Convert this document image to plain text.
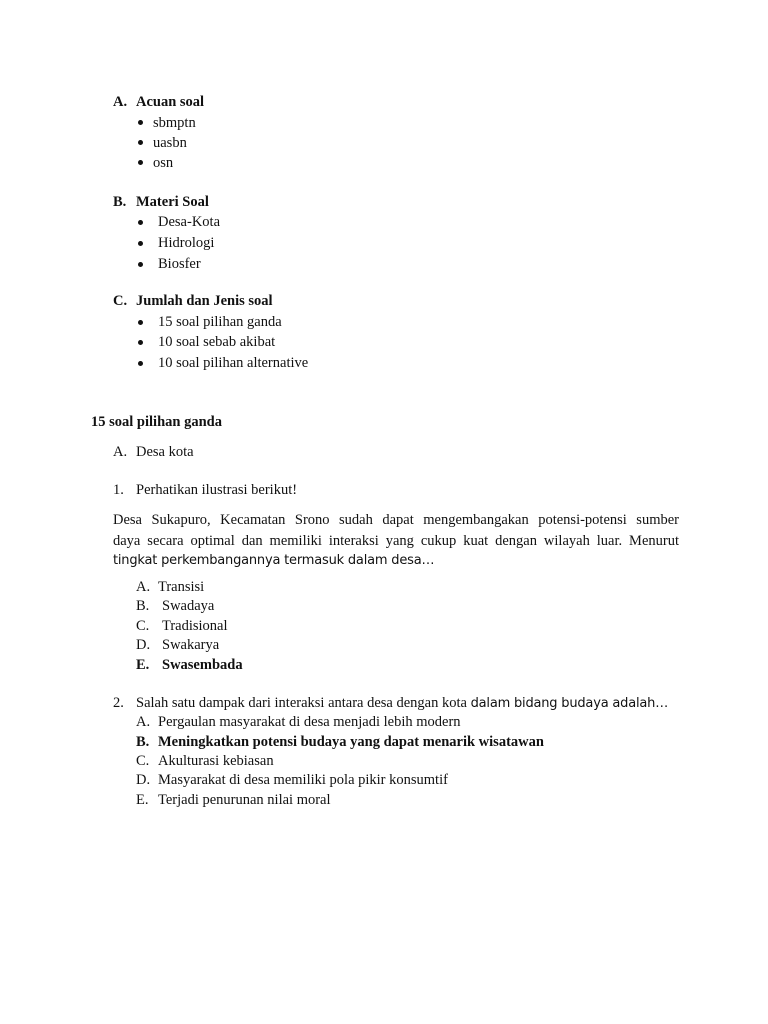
A. Acuan soal
sbmptn
uasbn
osn
B. Materi Soal
Desa-Kota
Hidrologi
Biosfer
C. Jumlah dan Jenis soal
15 soal pilihan ganda
10 soal sebab akibat
10 soal pilihan alternative
15 soal pilihan ganda
A. Desa kota
1. Perhatikan ilustrasi berikut!
Desa Sukapuro, Kecamatan Srono sudah dapat mengembangakan potensi-potensi sumber
daya secara optimal dan memiliki interaksi yang cukup kuat dengan wilayah luar. Menurut
tingkat perkembangannya termasuk dalam desa…
A. Transisi
B. Swadaya
C. Tradisional
D. Swakarya
E. Swasembada
2. Salah satu dampak dari interaksi antara desa dengan kota dalam bidang budaya adalah…
A. Pergaulan masyarakat di desa menjadi lebih modern
B. Meningkatkan potensi budaya yang dapat menarik wisatawan
C. Akulturasi kebiasan
D. Masyarakat di desa memiliki pola pikir konsumtif
E. Terjadi penurunan nilai moral
